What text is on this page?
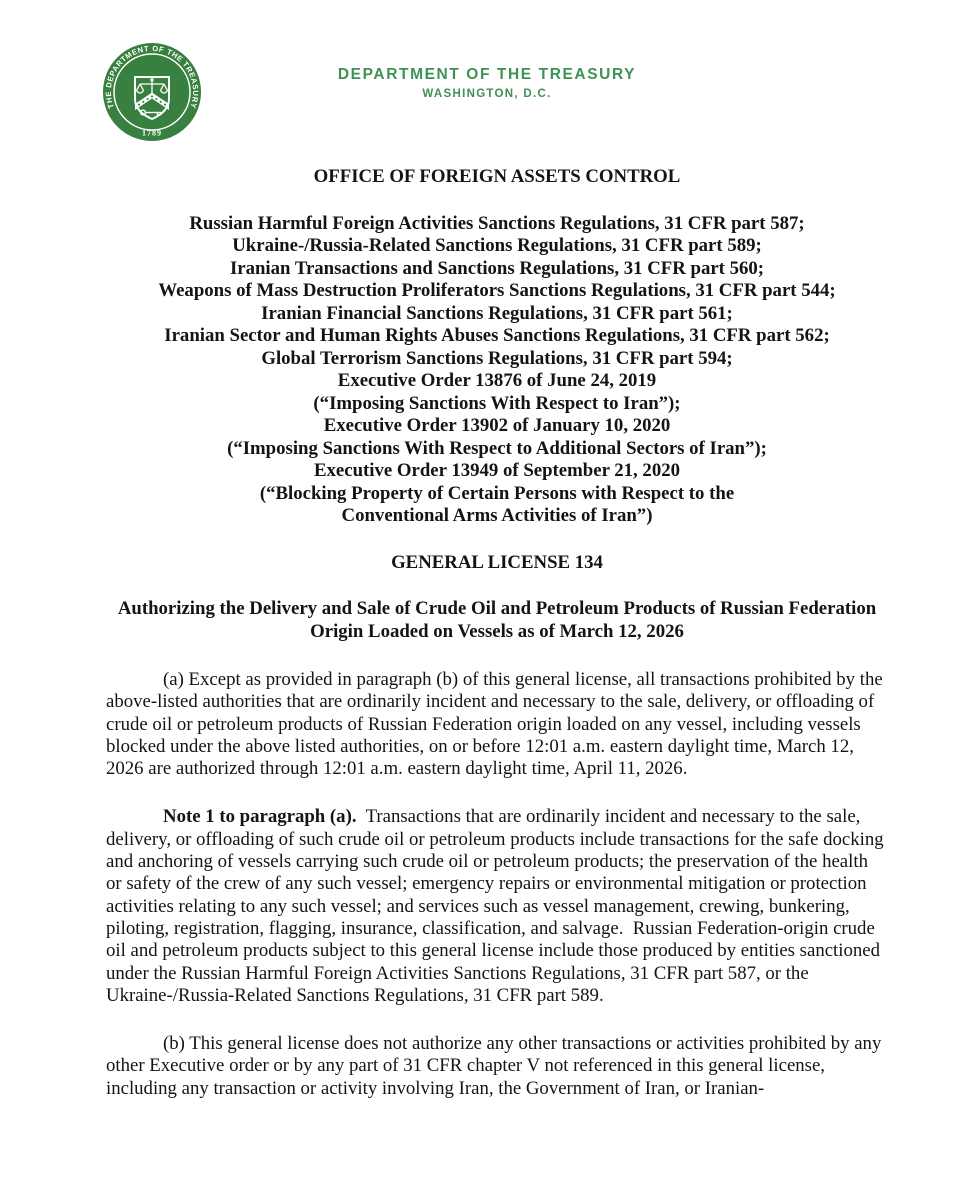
THE DEPARTMENT OF THE TREASURY
1789
DEPARTMENT OF THE TREASURY
WASHINGTON, D.C.
OFFICE OF FOREIGN ASSETS CONTROL
Russian Harmful Foreign Activities Sanctions Regulations, 31 CFR part 587;
Ukraine-/Russia-Related Sanctions Regulations, 31 CFR part 589;
Iranian Transactions and Sanctions Regulations, 31 CFR part 560;
Weapons of Mass Destruction Proliferators Sanctions Regulations, 31 CFR part 544;
Iranian Financial Sanctions Regulations, 31 CFR part 561;
Iranian Sector and Human Rights Abuses Sanctions Regulations, 31 CFR part 562;
Global Terrorism Sanctions Regulations, 31 CFR part 594;
Executive Order 13876 of June 24, 2019
(“Imposing Sanctions With Respect to Iran”);
Executive Order 13902 of January 10, 2020
(“Imposing Sanctions With Respect to Additional Sectors of Iran”);
Executive Order 13949 of September 21, 2020
(“Blocking Property of Certain Persons with Respect to the
Conventional Arms Activities of Iran”)
GENERAL LICENSE 134
Authorizing the Delivery and Sale of Crude Oil and Petroleum Products of Russian Federation Origin Loaded on Vessels as of March 12, 2026

(a) Except as provided in paragraph (b) of this general license, all transactions prohibited by the above-listed authorities that are ordinarily incident and necessary to the sale, delivery, or offloading of crude oil or petroleum products of Russian Federation origin loaded on any vessel, including vessels blocked under the above listed authorities, on or before 12:01 a.m. eastern daylight time, March 12, 2026 are authorized through 12:01 a.m. eastern daylight time, April 11, 2026.

Note 1 to paragraph (a).  Transactions that are ordinarily incident and necessary to the sale, delivery, or offloading of such crude oil or petroleum products include transactions for the safe docking and anchoring of vessels carrying such crude oil or petroleum products; the preservation of the health or safety of the crew of any such vessel; emergency repairs or environmental mitigation or protection activities relating to any such vessel; and services such as vessel management, crewing, bunkering, piloting, registration, flagging, insurance, classification, and salvage.  Russian Federation-origin crude oil and petroleum products subject to this general license include those produced by entities sanctioned under the Russian Harmful Foreign Activities Sanctions Regulations, 31 CFR part 587, or the Ukraine-/Russia-Related Sanctions Regulations, 31 CFR part 589.

(b) This general license does not authorize any other transactions or activities prohibited by any other Executive order or by any part of 31 CFR chapter V not referenced in this general license, including any transaction or activity involving Iran, the Government of Iran, or Iranian-
